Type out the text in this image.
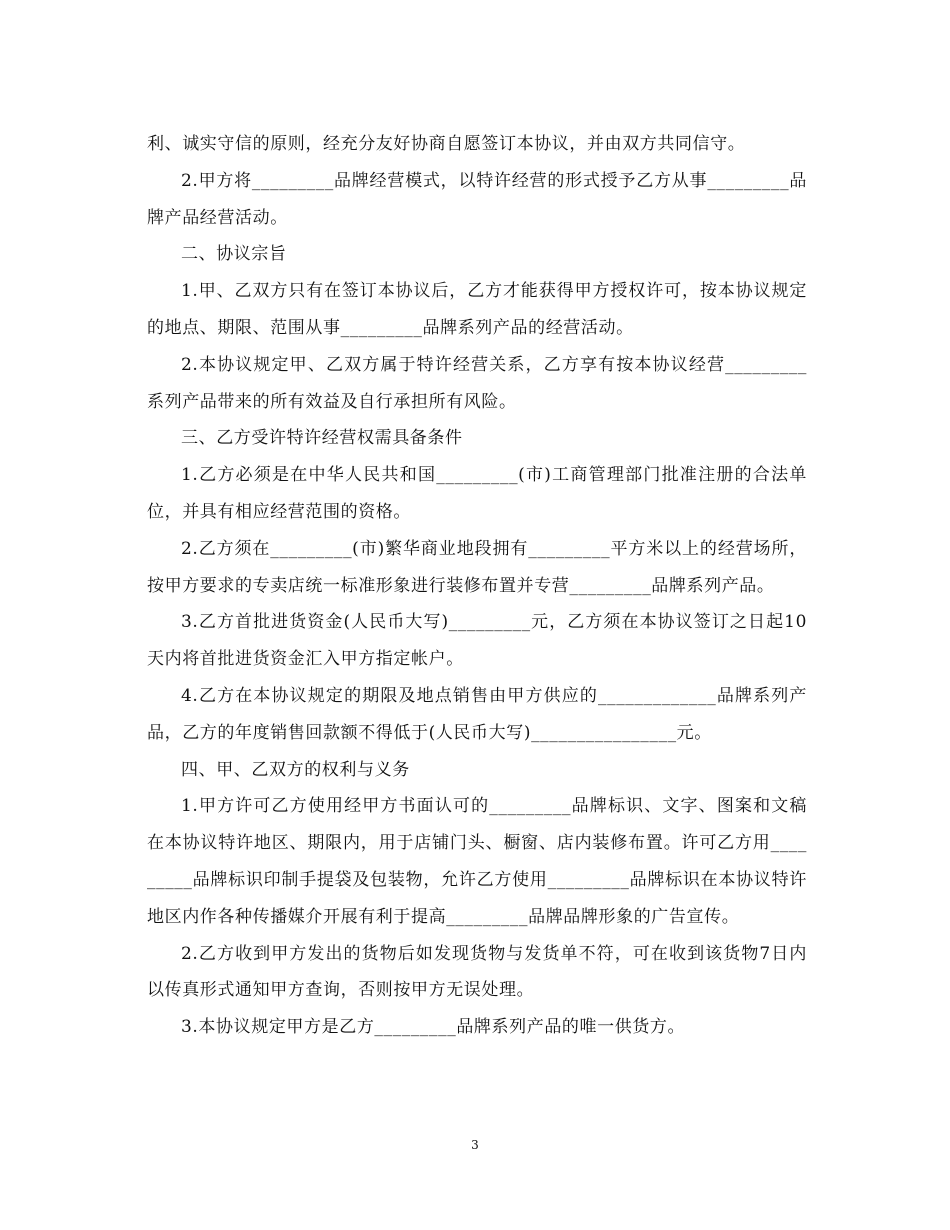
利、诚实守信的原则，经充分友好协商自愿签订本协议，并由双方共同信守。

2.甲方将_________品牌经营模式，以特许经营的形式授予乙方从事_________品牌产品经营活动。

二、协议宗旨

1.甲、乙双方只有在签订本协议后，乙方才能获得甲方授权许可，按本协议规定的地点、期限、范围从事_________品牌系列产品的经营活动。

2.本协议规定甲、乙双方属于特许经营关系，乙方享有按本协议经营_________系列产品带来的所有效益及自行承担所有风险。

三、乙方受许特许经营权需具备条件

1.乙方必须是在中华人民共和国_________(市)工商管理部门批准注册的合法单位，并具有相应经营范围的资格。

2.乙方须在_________(市)繁华商业地段拥有_________平方米以上的经营场所，按甲方要求的专卖店统一标准形象进行装修布置并专营_________品牌系列产品。

3.乙方首批进货资金(人民币大写)_________元，乙方须在本协议签订之日起10天内将首批进货资金汇入甲方指定帐户。

4.乙方在本协议规定的期限及地点销售由甲方供应的_____________品牌系列产品，乙方的年度销售回款额不得低于(人民币大写)________________元。

四、甲、乙双方的权利与义务

1.甲方许可乙方使用经甲方书面认可的_________品牌标识、文字、图案和文稿在本协议特许地区、期限内，用于店铺门头、橱窗、店内装修布置。许可乙方用_________品牌标识印制手提袋及包装物，允许乙方使用_________品牌标识在本协议特许地区内作各种传播媒介开展有利于提高_________品牌品牌形象的广告宣传。

2.乙方收到甲方发出的货物后如发现货物与发货单不符，可在收到该货物7日内以传真形式通知甲方查询，否则按甲方无误处理。

3.本协议规定甲方是乙方_________品牌系列产品的唯一供货方。

3
